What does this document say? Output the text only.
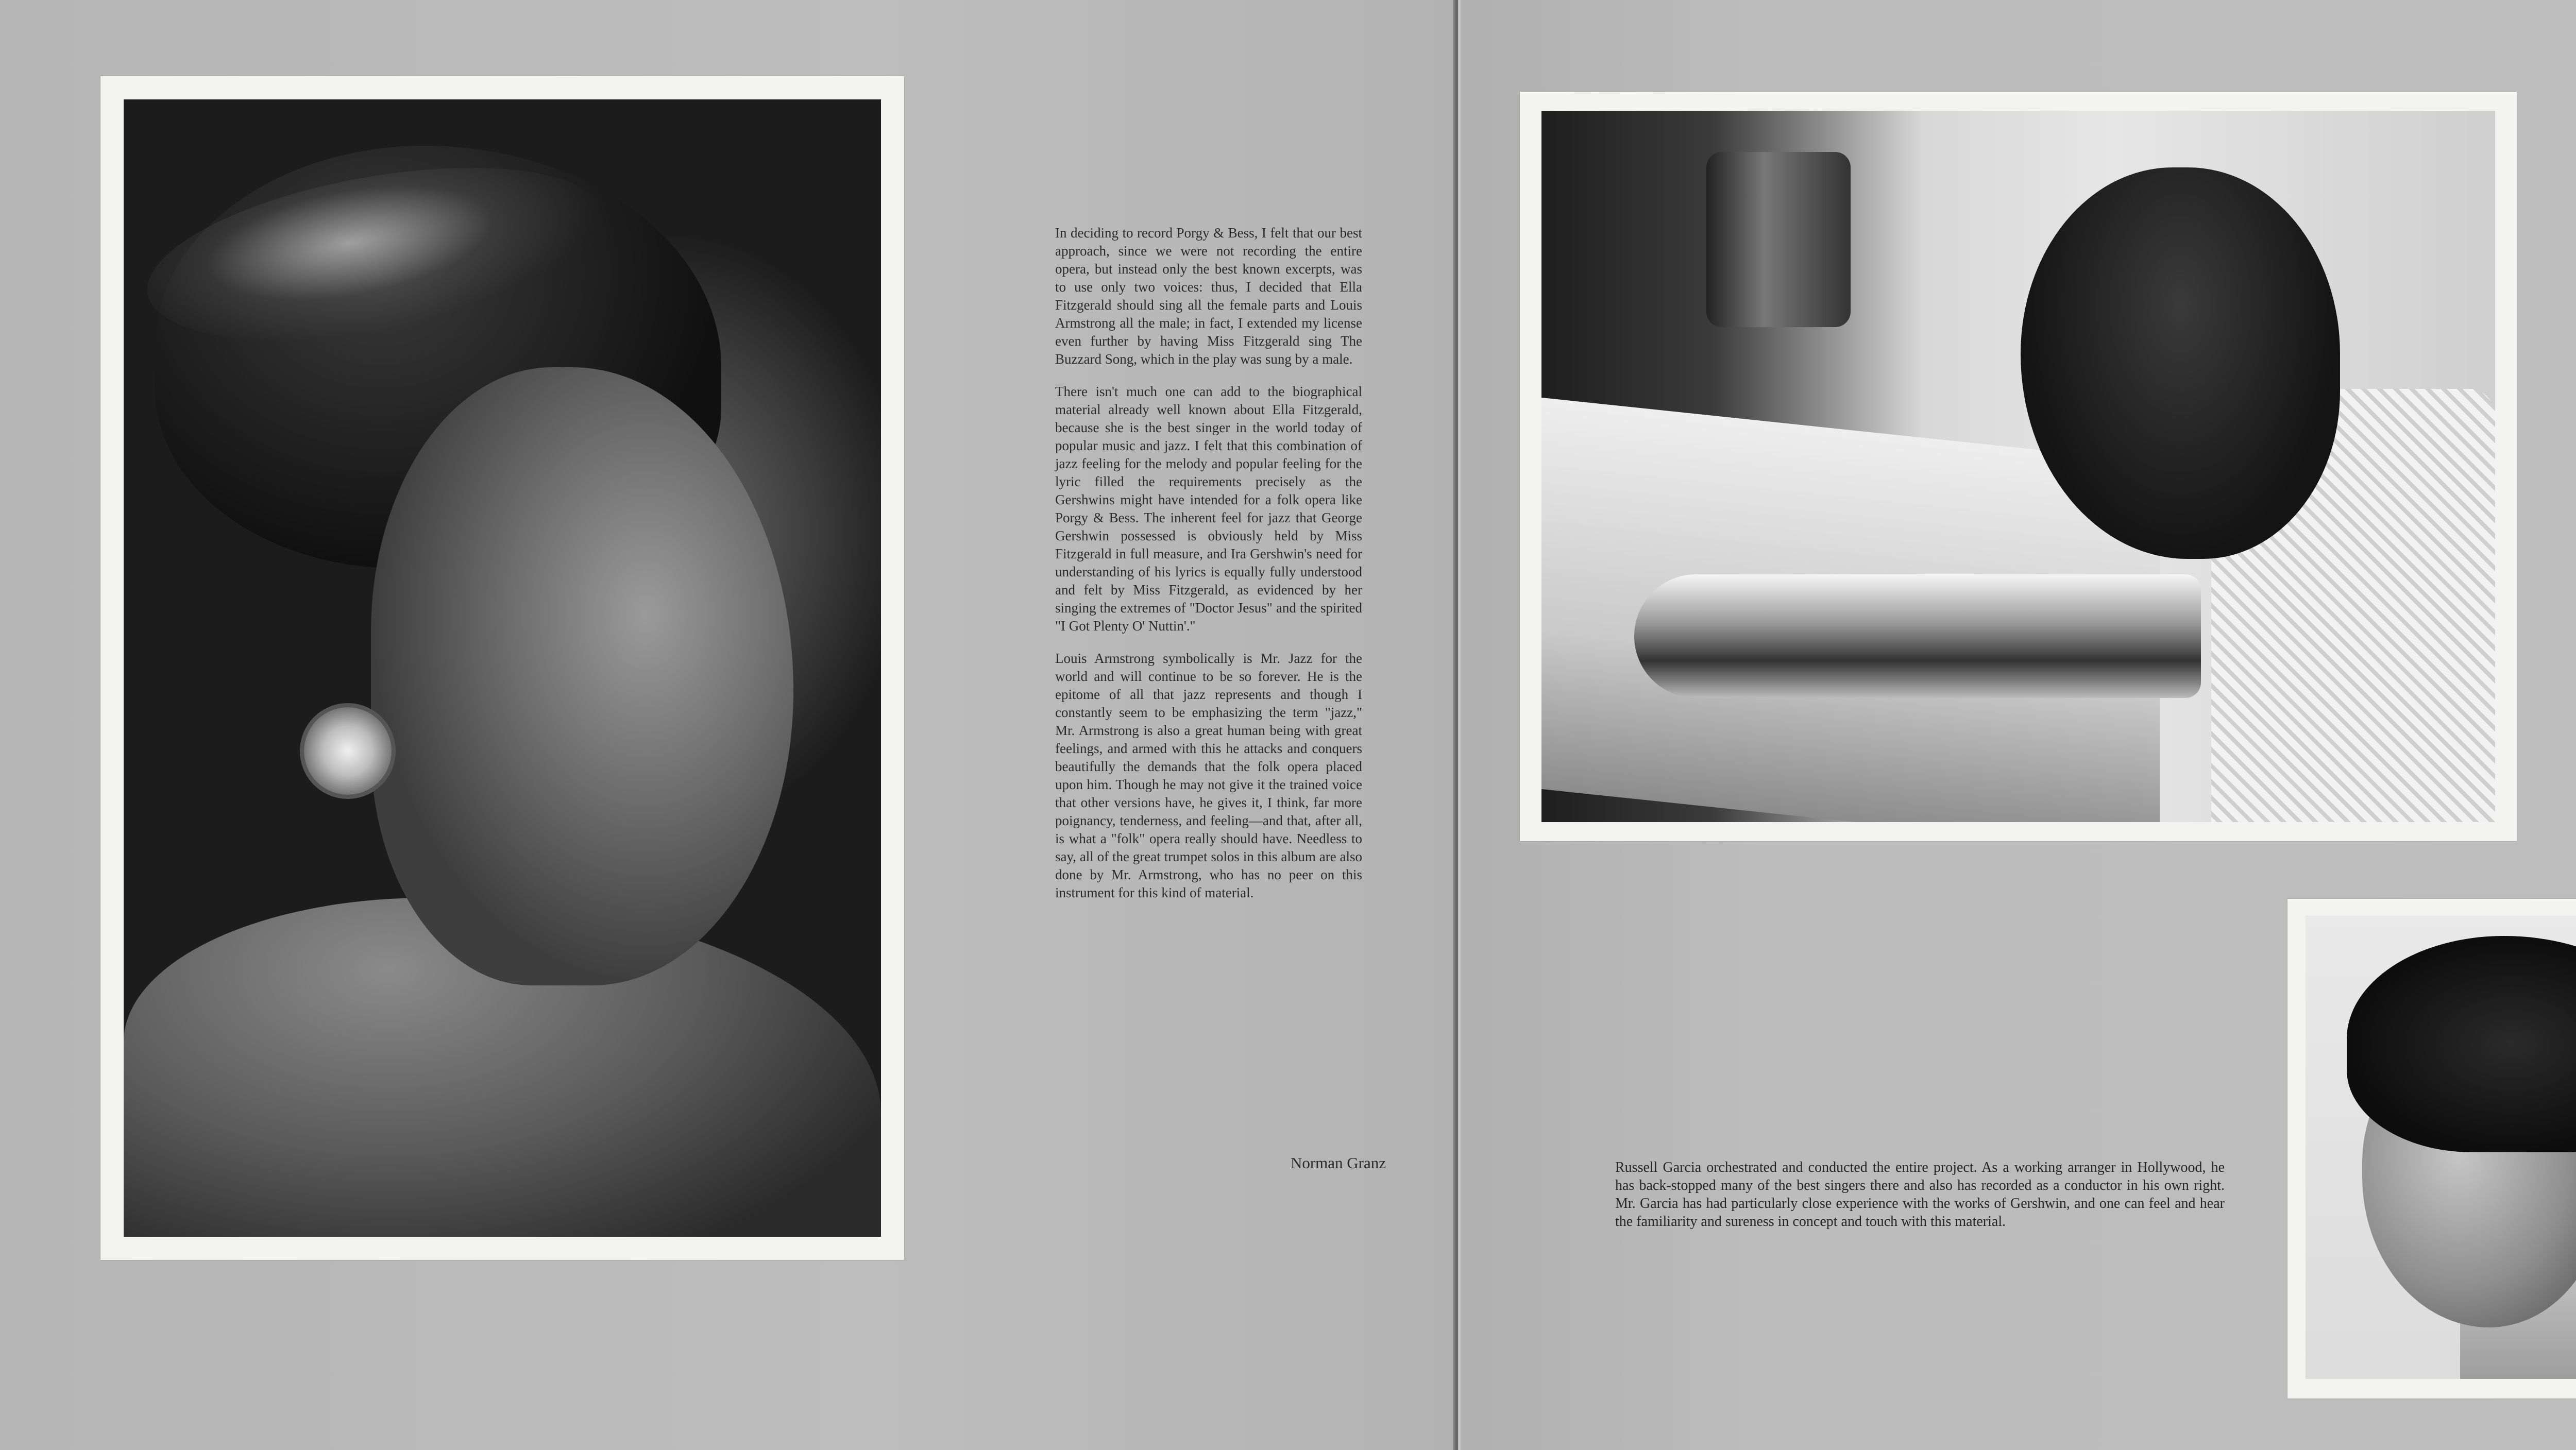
In deciding to record Porgy & Bess, I felt that our best approach, since we were not recording the entire opera, but instead only the best known excerpts, was to use only two voices: thus, I decided that Ella Fitzgerald should sing all the female parts and Louis Armstrong all the male; in fact, I extended my license even further by having Miss Fitzgerald sing The Buzzard Song, which in the play was sung by a male.

There isn't much one can add to the biographical material already well known about Ella Fitzgerald, because she is the best singer in the world today of popular music and jazz. I felt that this combination of jazz feeling for the melody and popular feeling for the lyric filled the requirements precisely as the Gershwins might have intended for a folk opera like Porgy & Bess. The inherent feel for jazz that George Gershwin possessed is obviously held by Miss Fitzgerald in full measure, and Ira Gershwin's need for understanding of his lyrics is equally fully understood and felt by Miss Fitzgerald, as evidenced by her singing the extremes of "Doctor Jesus" and the spirited "I Got Plenty O' Nuttin'."

Louis Armstrong symbolically is Mr. Jazz for the world and will continue to be so forever. He is the epitome of all that jazz represents and though I constantly seem to be emphasizing the term "jazz," Mr. Armstrong is also a great human being with great feelings, and armed with this he attacks and conquers beautifully the demands that the folk opera placed upon him. Though he may not give it the trained voice that other versions have, he gives it, I think, far more poignancy, tenderness, and feeling—and that, after all, is what a "folk" opera really should have. Needless to say, all of the great trumpet solos in this album are also done by Mr. Armstrong, who has no peer on this instrument for this kind of material.

Norman Granz	Russell Garcia orchestrated and conducted the entire project. As a working arranger in Hollywood, he has back-stopped many of the best singers there and also has recorded as a conductor in his own right. Mr. Garcia has had particularly close experience with the works of Gershwin, and one can feel and hear the familiarity and sureness in concept and touch with this material.
